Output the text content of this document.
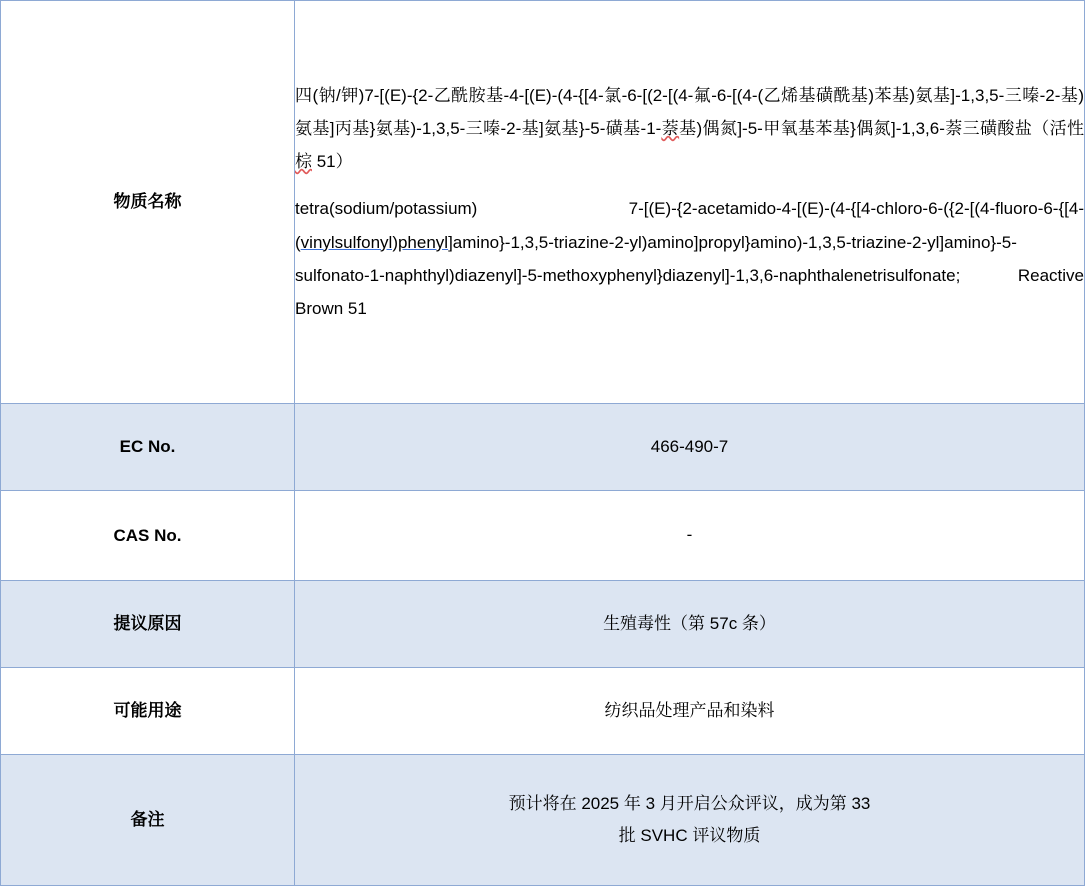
物质名称	四(钠/钾)7-[(E)-{2-乙酰胺基-4-[(E)-(4-{[4-氯-6-[(2-[(4-氟-6-[(4-(乙烯基磺酰基)苯基)氨基]-1,3,5-三嗪-2-基)氨基]丙基}氨基)-1,3,5-三嗪-2-基]氨基}-5-磺基-1-萘基)偶氮]-5-甲氧基苯基}偶氮]-1,3,6-萘三磺酸盐（活性棕 51）

tetra(sodium/potassium) 7-[(E)-{2-acetamido-4-[(E)-(4-{[4-chloro-6-({2-[(4-fluoro-6-{[4-(vinylsulfonyl)phenyl]amino}-1,3,5-triazine-2-yl)amino]propyl}amino)-1,3,5-triazine-2-yl]amino}-5-sulfonato-1-naphthyl)diazenyl]-5-methoxyphenyl}diazenyl]-1,3,6-naphthalenetrisulfonate; Reactive Brown 51

EC No.	466-490-7
CAS No.	-
提议原因	生殖毒性（第 57c 条）
可能用途	纺织品处理产品和染料
备注	预计将在 2025 年 3 月开启公众评议，成为第 33
批 SVHC 评议物质
